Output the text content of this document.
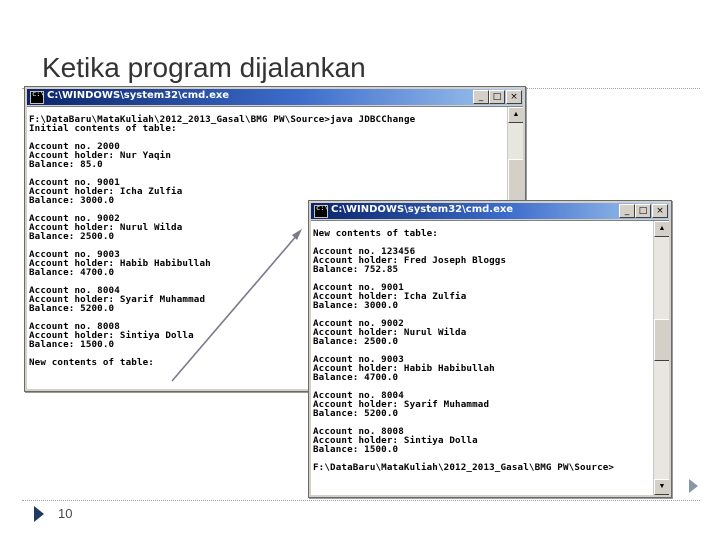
Ketika program dijalankan
c:\
C:\WINDOWS\system32\cmd.exe	_	□ ×
F:\DataBaru\MataKuliah\2012_2013_Gasal\BMG PW\Source>java JDBCChange
Initial contents of table:

Account no. 2000
Account holder: Nur Yaqin
Balance: 85.0

Account no. 9001
Account holder: Icha Zulfia
Balance: 3000.0

Account no. 9002
Account holder: Nurul Wilda
Balance: 2500.0

Account no. 9003
Account holder: Habib Habibullah
Balance: 4700.0

Account no. 8004
Account holder: Syarif Muhammad
Balance: 5200.0

Account no. 8008
Account holder: Sintiya Dolla
Balance: 1500.0

New contents of table:
▲
c:\
C:\WINDOWS\system32\cmd.exe	_	□ ×
New contents of table:

Account no. 123456
Account holder: Fred Joseph Bloggs
Balance: 752.85

Account no. 9001
Account holder: Icha Zulfia
Balance: 3000.0

Account no. 9002
Account holder: Nurul Wilda
Balance: 2500.0

Account no. 9003
Account holder: Habib Habibullah
Balance: 4700.0

Account no. 8004
Account holder: Syarif Muhammad
Balance: 5200.0

Account no. 8008
Account holder: Sintiya Dolla
Balance: 1500.0

F:\DataBaru\MataKuliah\2012_2013_Gasal\BMG PW\Source>
▲
▼
10
